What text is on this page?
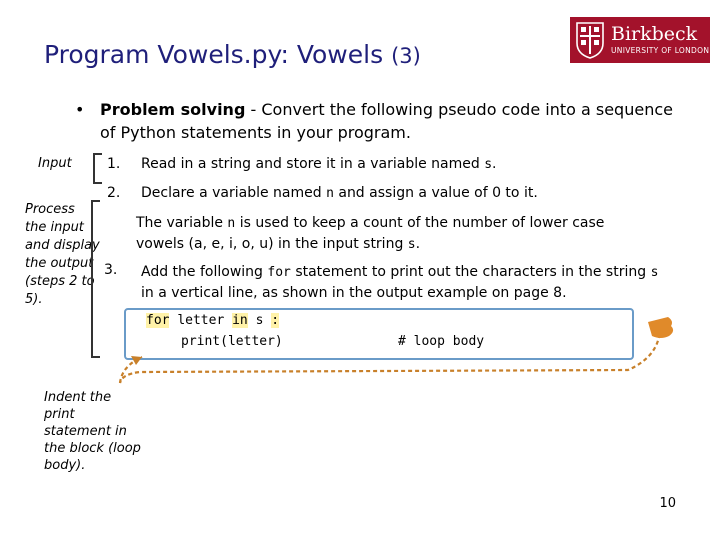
Program Vowels.py: Vowels (3)
Birkbeck
UNIVERSITY OF LONDON
• Problem solving - Convert the following pseudo code into a sequence of Python statements in your program.
Input	1. Read in a string and store it in a variable named s.
2. Declare a variable named n and assign a value of 0 to it.
Process the input and display the output (steps 2 to 5).
The variable n is used to keep a count of the number of lower case vowels (a, e, i, o, u) in the input string s.
3. Add the following for statement to print out the characters in the string s in a vertical line, as shown in the output example on page 8.
for letter in s :
print(letter)	# loop body
Indent the print statement in the block (loop body).
10
